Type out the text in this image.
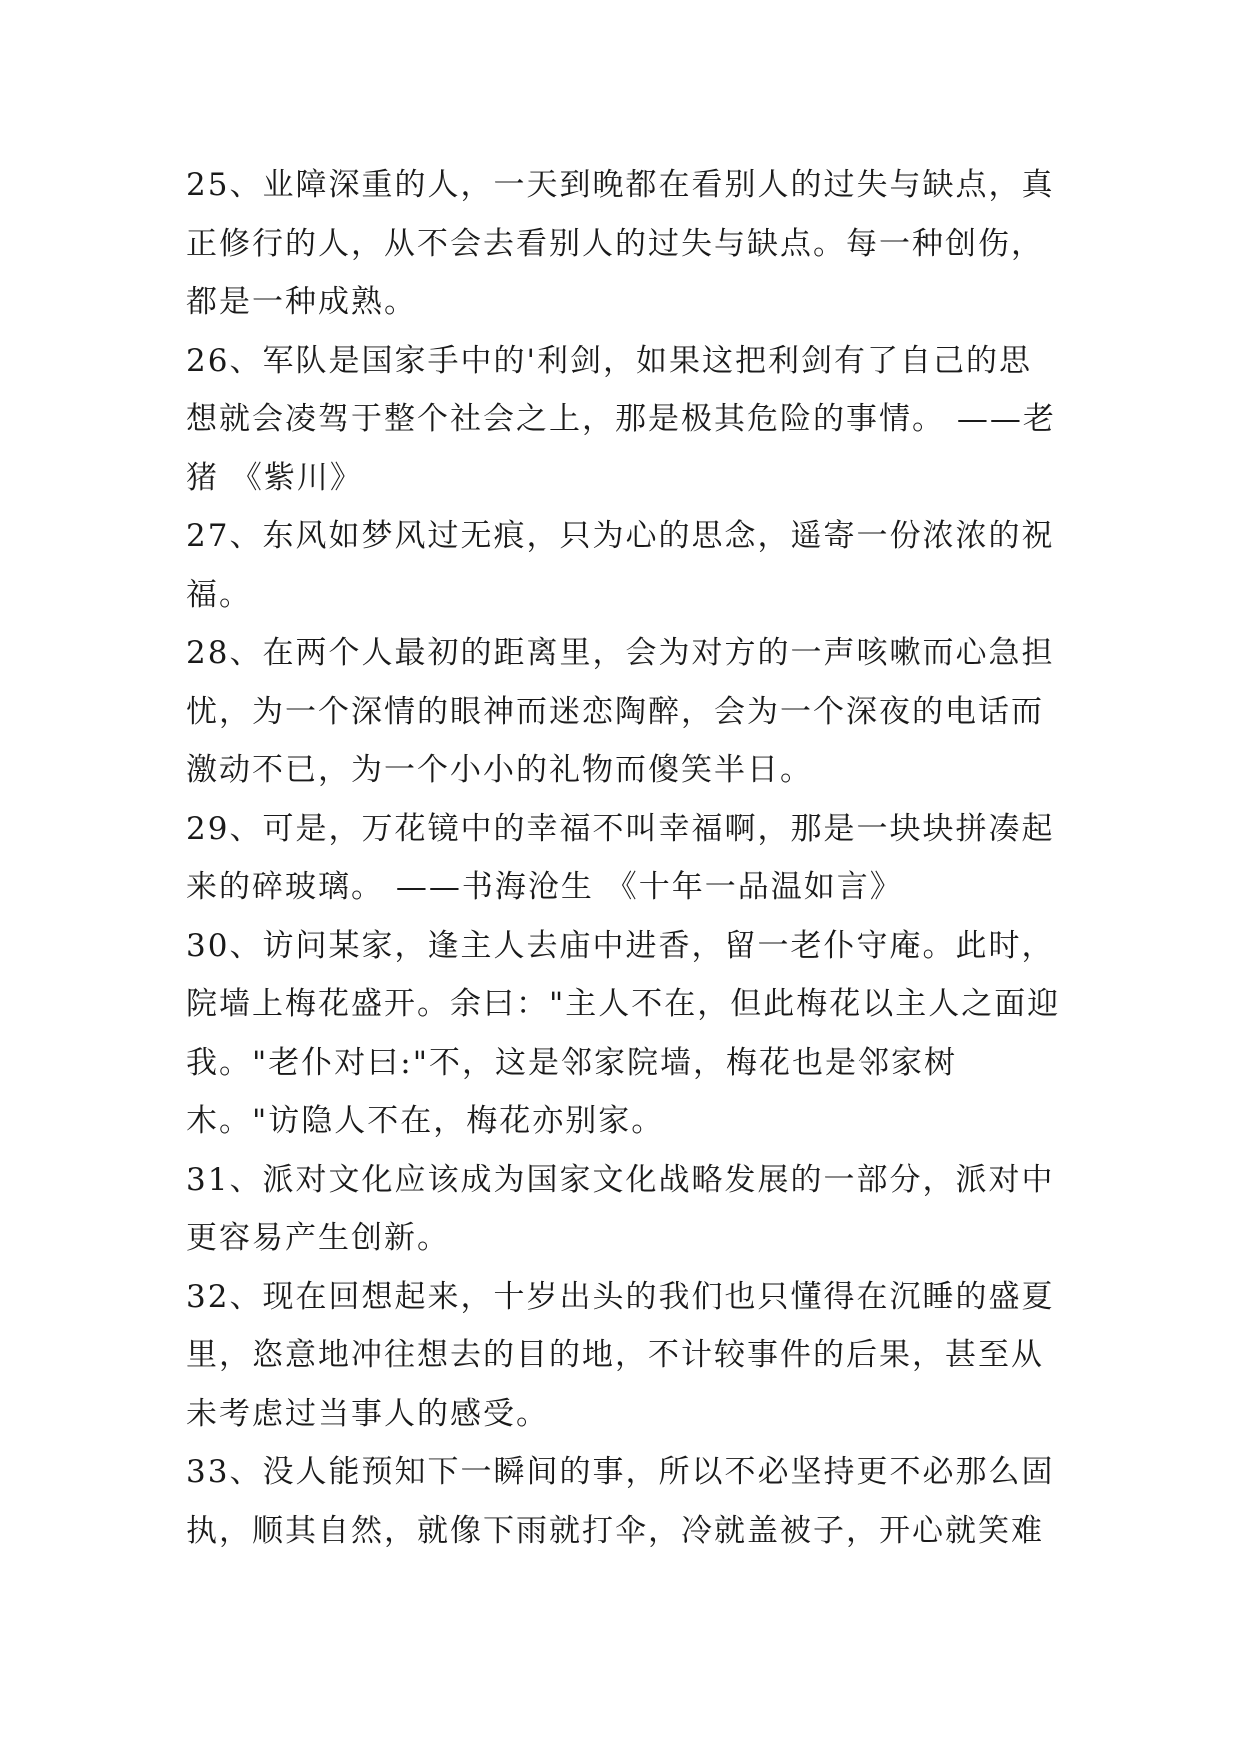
25、业障深重的人，一天到晚都在看别人的过失与缺点，真正修行的人，从不会去看别人的过失与缺点。每一种创伤，都是一种成熟。

26、军队是国家手中的'利剑，如果这把利剑有了自己的思想就会凌驾于整个社会之上，那是极其危险的事情。 ——老猪 《紫川》

27、东风如梦风过无痕，只为心的思念，遥寄一份浓浓的祝福。

28、在两个人最初的距离里，会为对方的一声咳嗽而心急担忧，为一个深情的眼神而迷恋陶醉，会为一个深夜的电话而激动不已，为一个小小的礼物而傻笑半日。

29、可是，万花镜中的幸福不叫幸福啊，那是一块块拼凑起来的碎玻璃。 ——书海沧生 《十年一品温如言》

30、访问某家，逢主人去庙中进香，留一老仆守庵。此时，院墙上梅花盛开。余曰："主人不在，但此梅花以主人之面迎我。"老仆对曰:"不，这是邻家院墙，梅花也是邻家树木。"访隐人不在，梅花亦别家。

31、派对文化应该成为国家文化战略发展的一部分，派对中更容易产生创新。

32、现在回想起来，十岁出头的我们也只懂得在沉睡的盛夏里，恣意地冲往想去的目的地，不计较事件的后果，甚至从未考虑过当事人的感受。

33、没人能预知下一瞬间的事，所以不必坚持更不必那么固执，顺其自然，就像下雨就打伞，冷就盖被子，开心就笑难
